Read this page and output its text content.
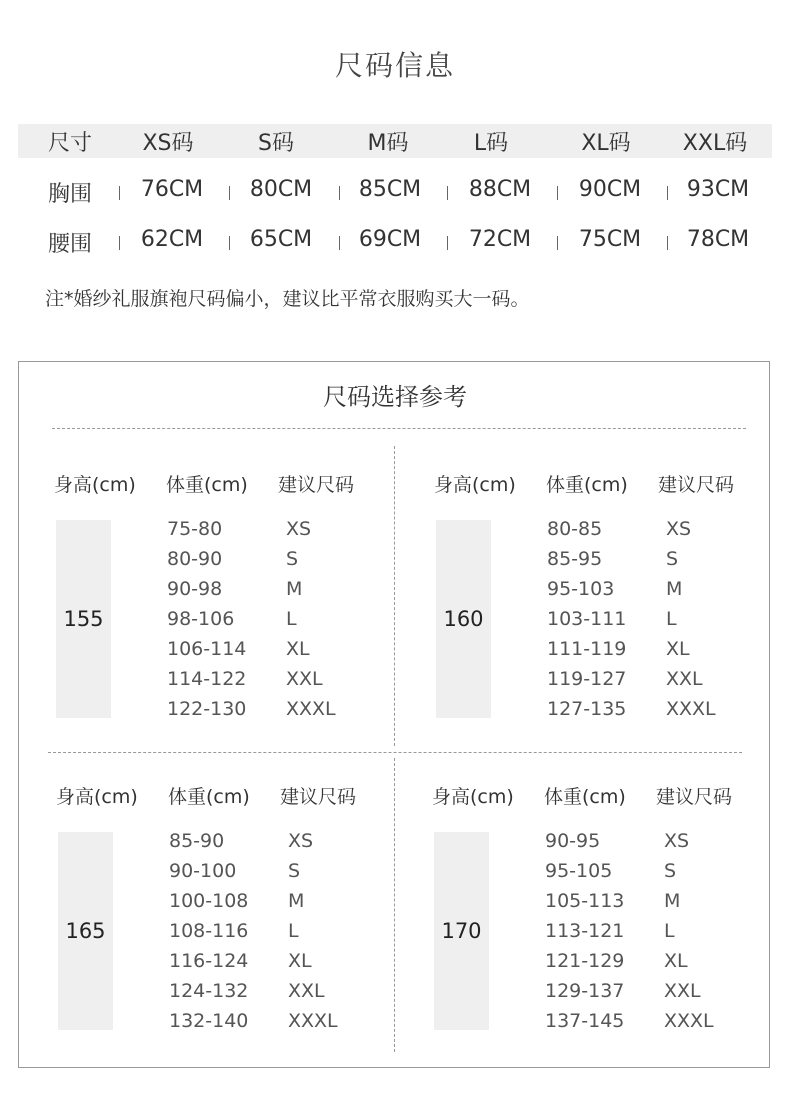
尺码信息
尺寸	XS码	S码	M码	L码	XL码	XXL码
胸围	76CM	80CM	85CM	88CM	90CM	93CM
腰围	62CM	65CM	69CM	72CM	75CM	78CM
注*婚纱礼服旗袍尺码偏小，建议比平常衣服购买大一码。
尺码选择参考
身高(cm) 体重(cm) 建议尺码
155
75-80	XS
80-90	S
90-98	M
98-106	L
106-114 XL
114-122 XXL
122-130 XXXL
身高(cm) 体重(cm) 建议尺码
160
80-85	XS
85-95	S
95-103	M
103-111 L
111-119 XL
119-127 XXL
127-135 XXXL
身高(cm) 体重(cm) 建议尺码
165
85-90	XS
90-100	S
100-108 M
108-116 L
116-124 XL
124-132 XXL
132-140 XXXL
身高(cm) 体重(cm) 建议尺码
170
90-95	XS
95-105	S
105-113 M
113-121 L
121-129 XL
129-137 XXL
137-145 XXXL
